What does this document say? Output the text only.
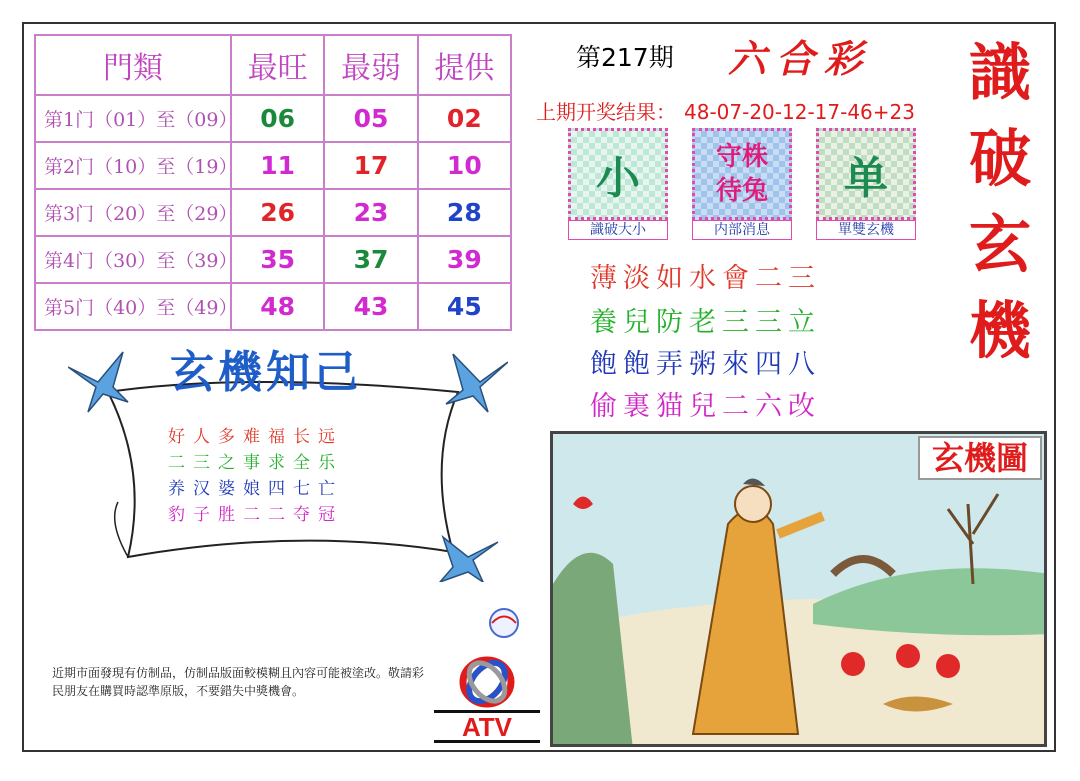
門類	最旺	最弱	提供
第1门（01）至（09）	06	05	02
第2门（10）至（19）	11	17	10
第3门（20）至（29）	26	23	28
第4门（30）至（39）	35	37	39
第5门（40）至（49）	48	43	45
第217期 六合彩
上期开奖结果： 48-07-20-12-17-46+23
識
破
玄
機
小
識破大小
守株
待兔
内部消息
单
單雙玄機
薄淡如水會二三
養兒防老三三立
飽飽弄粥來四八
偷裏猫兒二六改
玄機知己
好人多难福长远
二三之事求全乐
养汉婆娘四七亡
豹子胜二二夺冠
近期市面發現有仿制品，仿制品版面較模糊且內容可能被塗改。敬請彩民朋友在購買時認準原版，不要錯失中獎機會。
ATV
玄機圖
